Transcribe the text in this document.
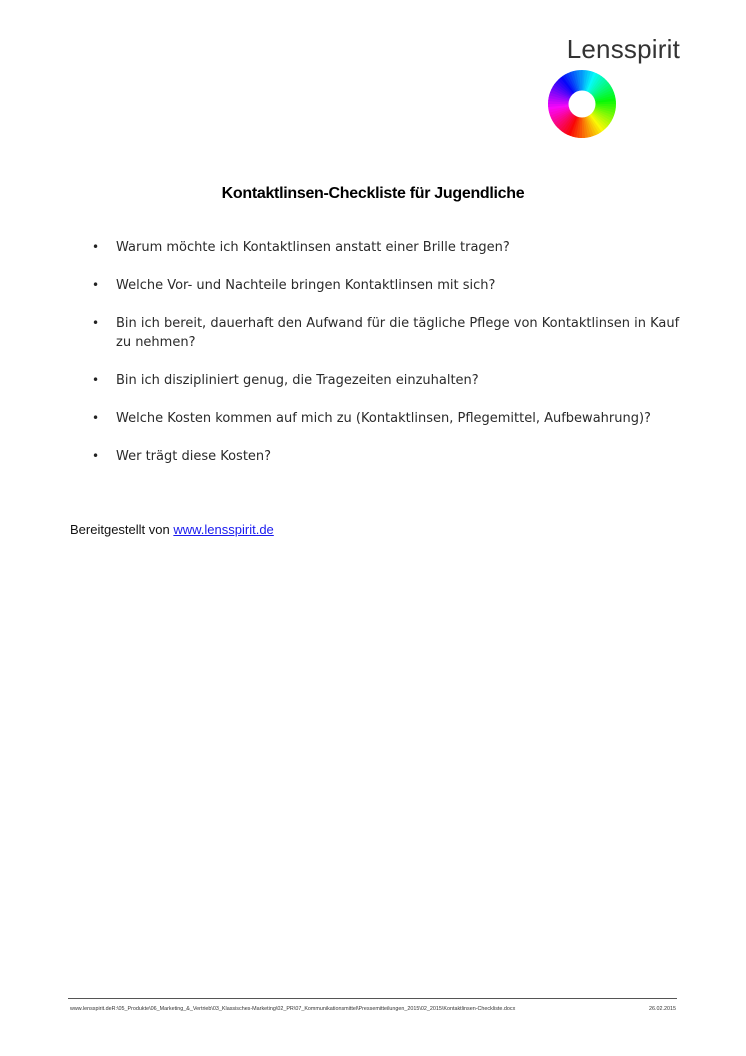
Lensspirit
Kontaktlinsen-Checkliste für Jugendliche
• Warum möchte ich Kontaktlinsen anstatt einer Brille tragen?
• Welche Vor- und Nachteile bringen Kontaktlinsen mit sich?
• Bin ich bereit, dauerhaft den Aufwand für die tägliche Pflege von Kontaktlinsen in Kauf zu nehmen?
• Bin ich diszipliniert genug, die Tragezeiten einzuhalten?
• Welche Kosten kommen auf mich zu (Kontaktlinsen, Pflegemittel, Aufbewahrung)?
• Wer trägt diese Kosten?
Bereitgestellt von www.lensspirit.de
www.lensspirit.deR:\05_Produkte\06_Marketing_&_Vertrieb\03_Klassisches-Marketing\02_PR\07_Kommunikationsmittel\Pressemitteilungen_2015\02_2015\Kontaktlinsen-Checkliste.docx	26.02.2015
